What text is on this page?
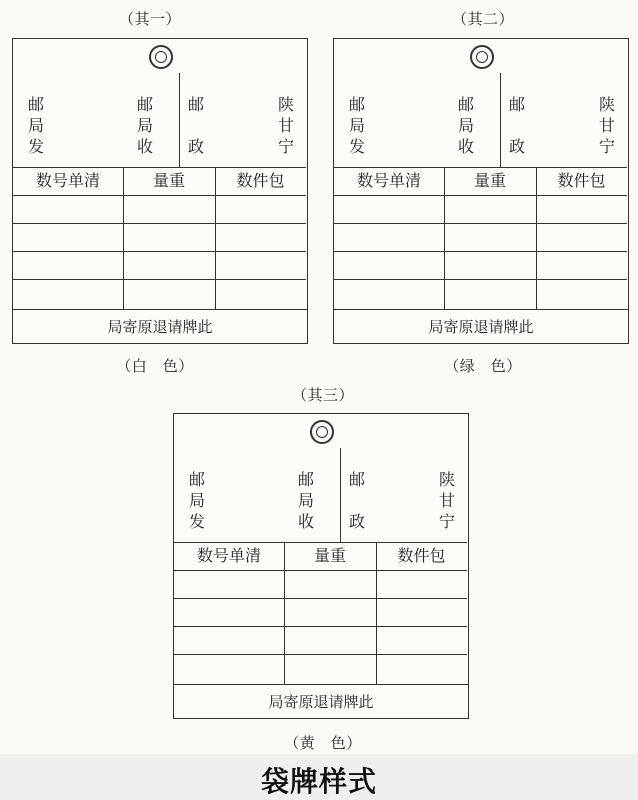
（其一）	（其二）
（其三）
（白　色）	（绿　色）
（黄　色）
邮
局
发
邮
局
收
邮

政
陕
甘
宁
数号单清	量重	数件包
局寄原退请牌此
邮
局
发
邮
局
收
邮

政
陕
甘
宁
数号单清	量重	数件包
局寄原退请牌此
邮
局
发
邮
局
收
邮

政
陕
甘
宁
数号单清	量重	数件包
局寄原退请牌此
袋牌样式
